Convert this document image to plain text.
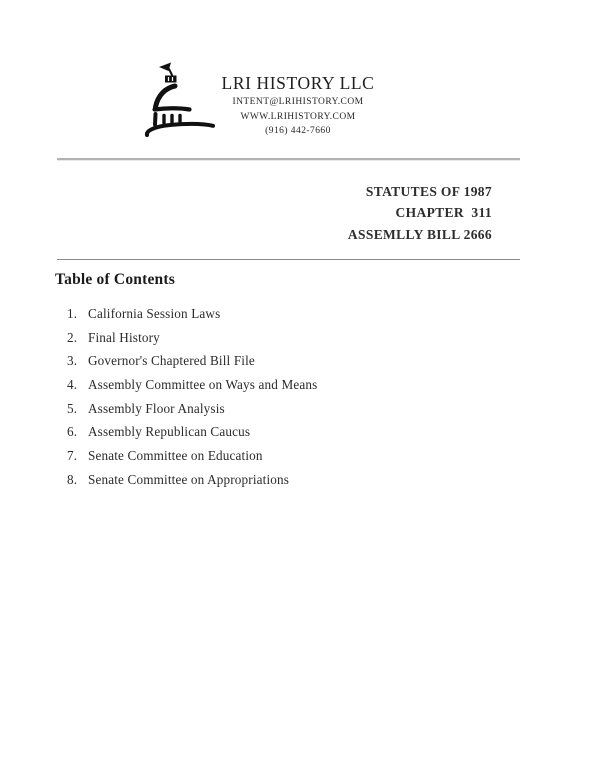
LRI HISTORY LLC
INTENT@LRIHISTORY.COM
WWW.LRIHISTORY.COM
(916) 442-7660
STATUTES OF 1987
CHAPTER  311
ASSEMLLY BILL 2666
Table of Contents
1. California Session Laws
2. Final History
3. Governor's Chaptered Bill File
4. Assembly Committee on Ways and Means
5. Assembly Floor Analysis
6. Assembly Republican Caucus
7. Senate Committee on Education
8. Senate Committee on Appropriations
